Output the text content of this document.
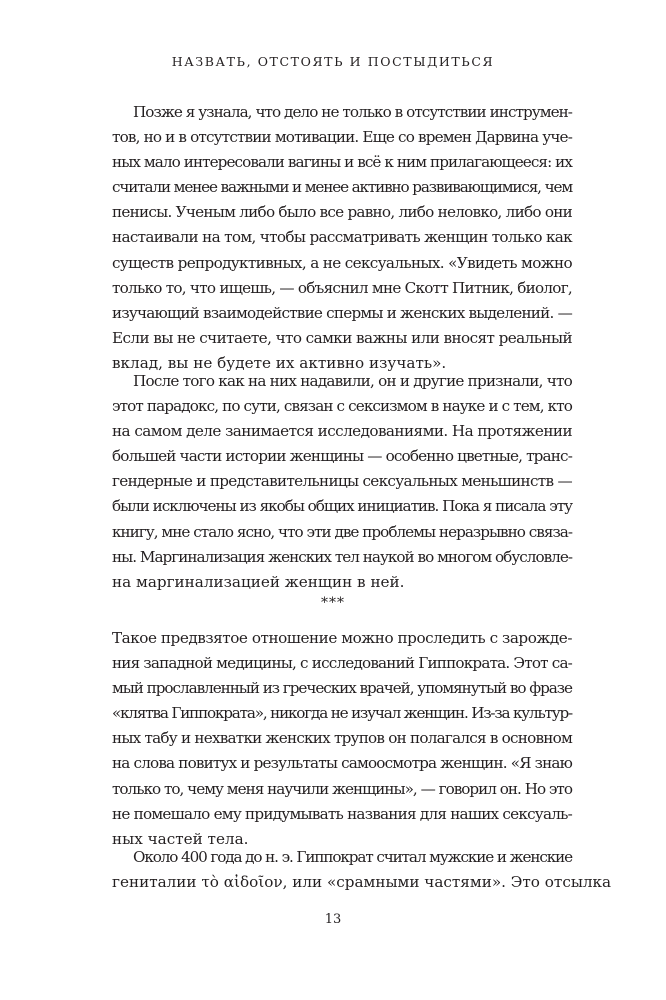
НАЗВАТЬ, ОТСТОЯТЬ И ПОСТЫДИТЬСЯ

Позже я узнала, что дело не только в отсутствии инструмен-

тов, но и в отсутствии мотивации. Еще со времен Дарвина уче-

ных мало интересовали вагины и всё к ним прилагающееся: их

считали менее важными и менее активно развивающимися, чем

пенисы. Ученым либо было все равно, либо неловко, либо они

настаивали на том, чтобы рассматривать женщин только как

существ репродуктивных, а не сексуальных. «Увидеть можно

только то, что ищешь, — объяснил мне Скотт Питник, биолог,

изучающий взаимодействие спермы и женских выделений. —

Если вы не считаете, что самки важны или вносят реальный

вклад, вы не будете их активно изучать».

После того как на них надавили, он и другие признали, что

этот парадокс, по сути, связан с сексизмом в науке и с тем, кто

на самом деле занимается исследованиями. На протяжении

большей части истории женщины — особенно цветные, транс-

гендерные и представительницы сексуальных меньшинств —

были исключены из якобы общих инициатив. Пока я писала эту

книгу, мне стало ясно, что эти две проблемы неразрывно связа-

ны. Маргинализация женских тел наукой во многом обусловле-

на маргинализацией женщин в ней.

***

Такое предвзятое отношение можно проследить с зарожде-

ния западной медицины, с исследований Гиппократа. Этот са-

мый прославленный из греческих врачей, упомянутый во фразе

«клятва Гиппократа», никогда не изучал женщин. Из-за культур-

ных табу и нехватки женских трупов он полагался в основном

на слова повитух и результаты самоосмотра женщин. «Я знаю

только то, чему меня научили женщины», — говорил он. Но это

не помешало ему придумывать названия для наших сексуаль-

ных частей тела.

Около 400 года до н. э. Гиппократ считал мужские и женские

гениталии τὸ αἰδοῖον, или «срамными частями». Это отсылка

13
